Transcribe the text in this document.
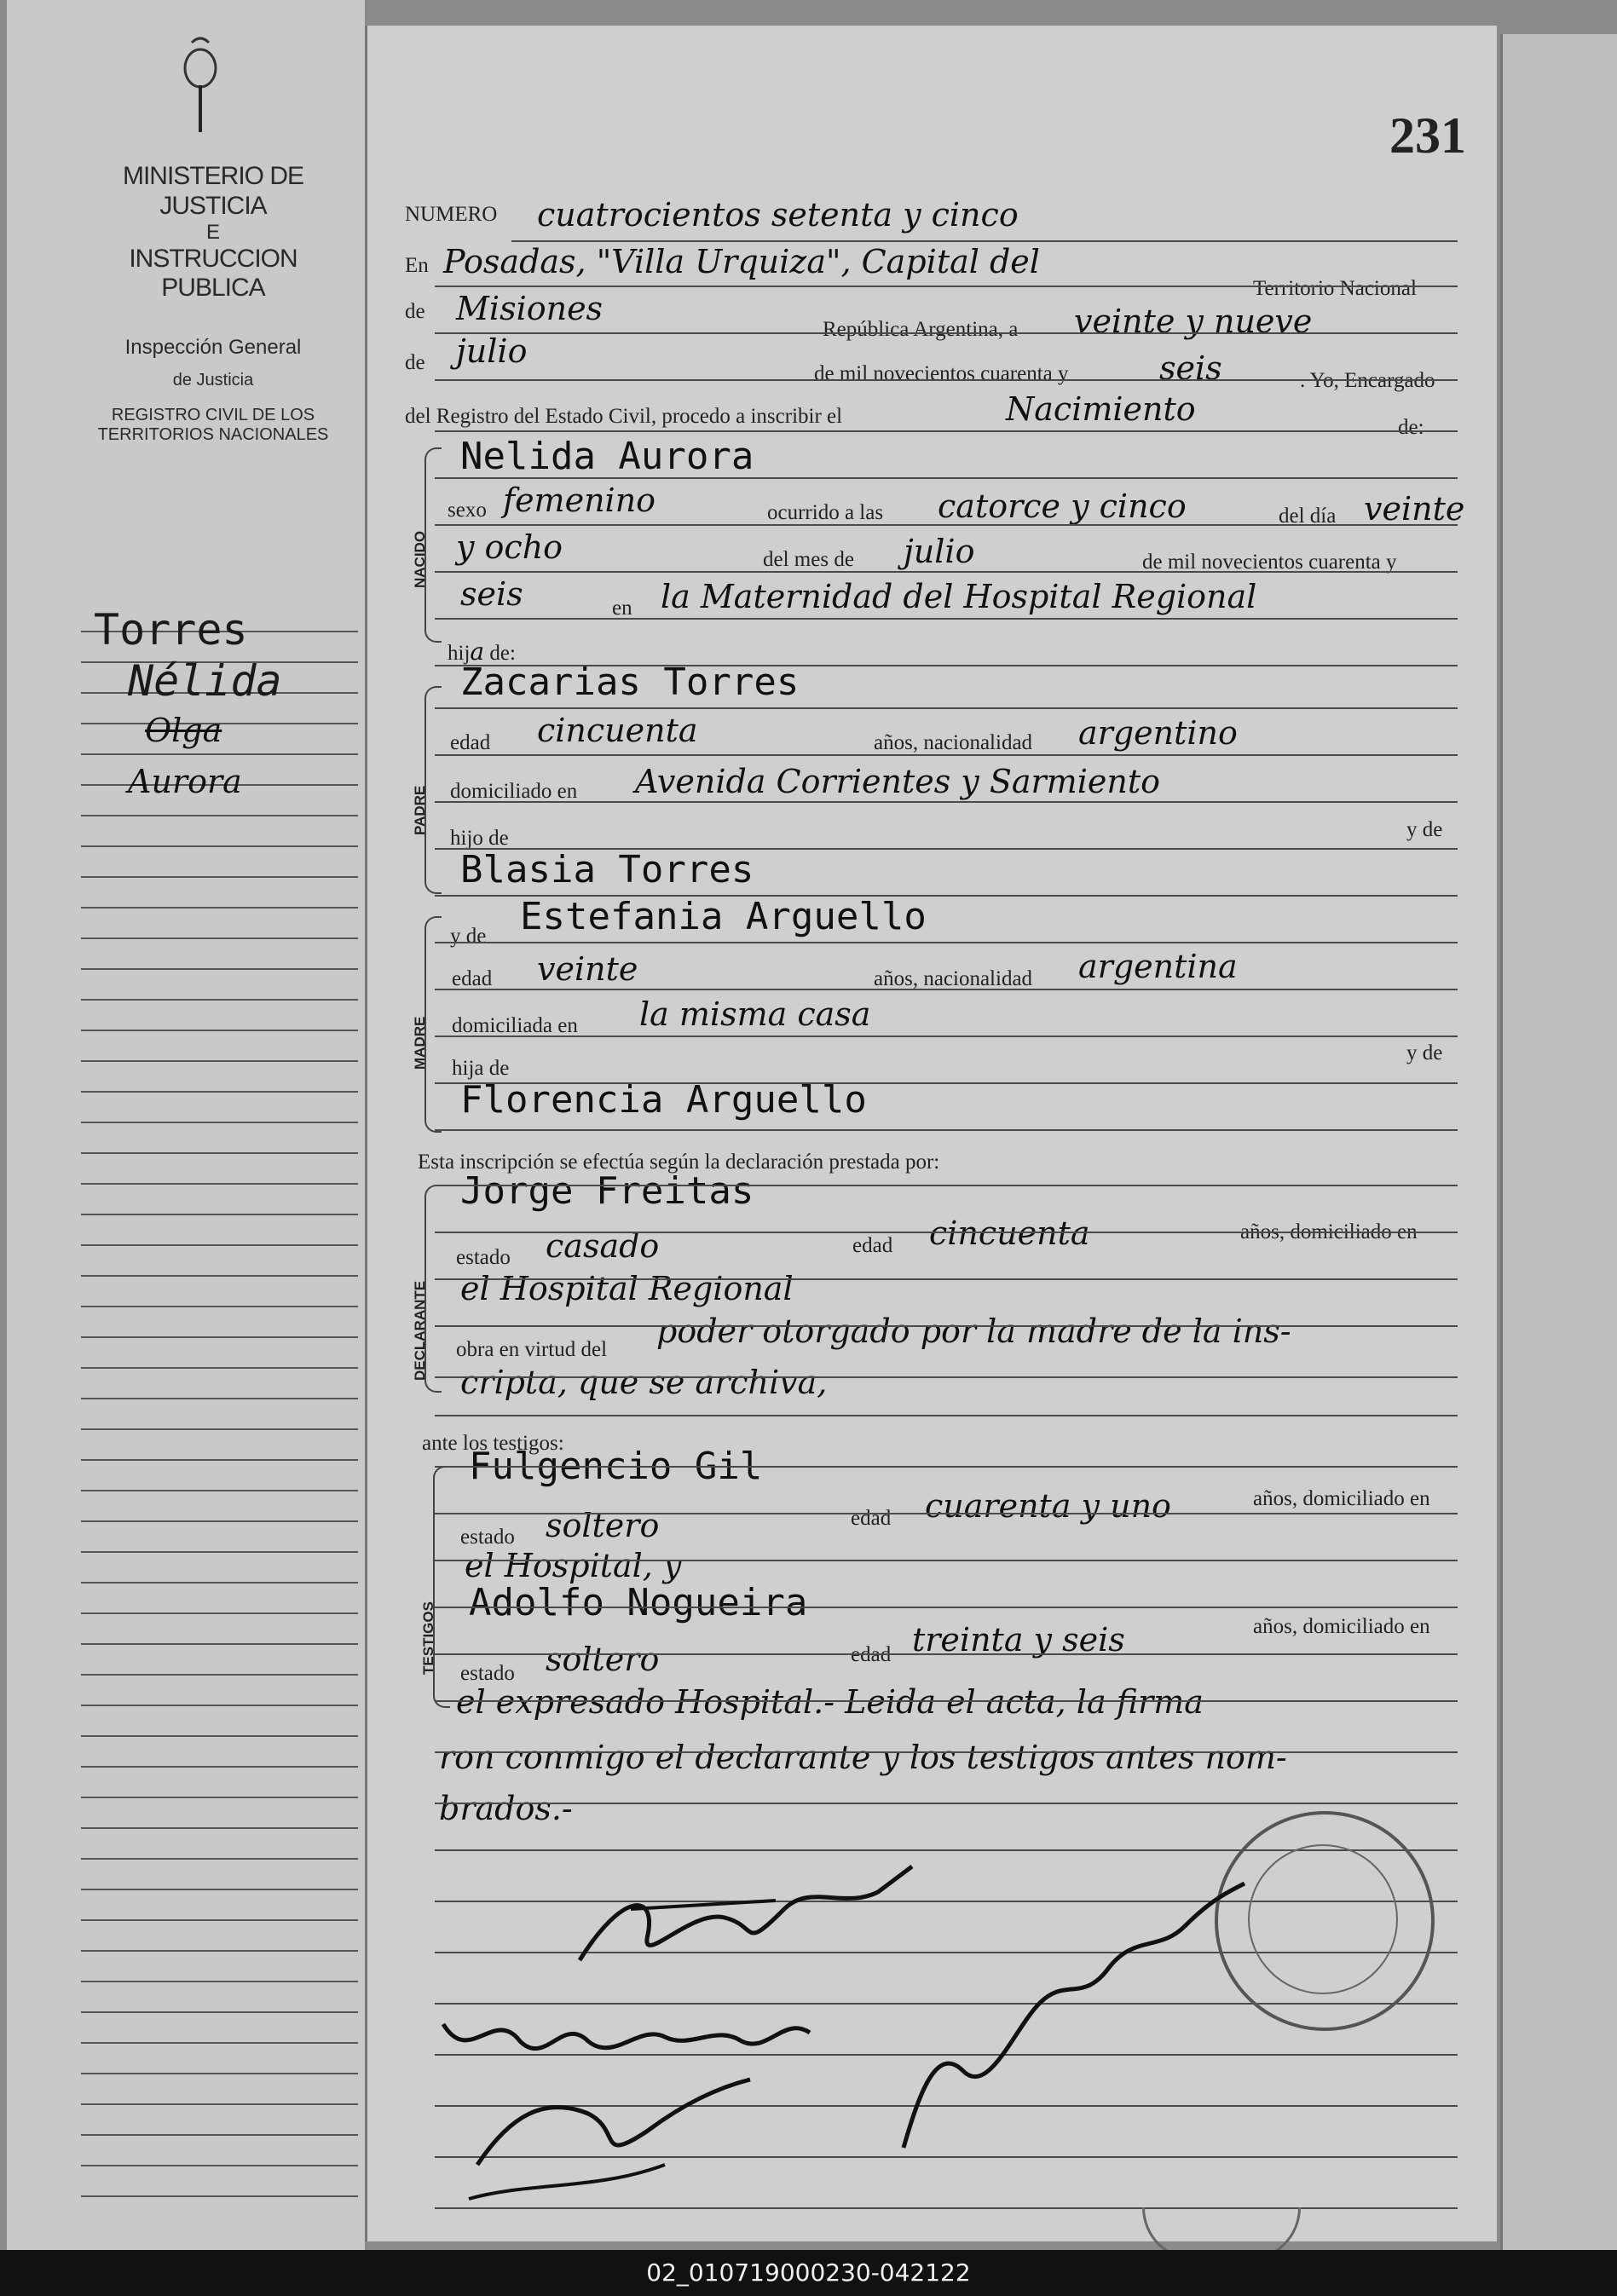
MINISTERIO DE JUSTICIA
E
INSTRUCCION PUBLICA
Inspección General
de Justicia
REGISTRO CIVIL DE LOS
TERRITORIOS NACIONALES
Torres
Nélida
Olga
Aurora
231
NUMERO cuatrocientos setenta y cinco
En Posadas, "Villa Urquiza", Capital del
Territorio Nacional
de Misiones
República Argentina, a veinte y nueve
de julio
de mil novecientos cuarenta y	seis	. Yo, Encargado
del Registro del Estado Civil, procedo a inscribir el	Nacimiento	de:
Nelida Aurora
NACIDO
sexo femenino	ocurrido a las catorce y cinco	del día veinte
y ocho	del mes de julio	de mil novecientos cuarenta y
seis	en la Maternidad del Hospital Regional
hija de:
PADRE
Zacarias Torres
edad cincuenta	años, nacionalidad argentino
domiciliado en Avenida Corrientes y Sarmiento
hijo de	y de
Blasia Torres
MADRE
y de Estefania Arguello
edad veinte	años, nacionalidad argentina
domiciliada en la misma casa
hija de
y de
Florencia Arguello
Esta inscripción se efectúa según la declaración prestada por:
DECLARANTE
Jorge Freitas
estado casado	edad cincuenta	años, domiciliado en
el Hospital Regional
obra en virtud del poder otorgado por la madre de la ins-
cripta, que se archiva,
ante los testigos:
TESTIGOS
Fulgencio Gil
estado soltero	edad cuarenta y uno	años, domiciliado en
el Hospital, y
Adolfo Nogueira
estado soltero	edad treinta y seis	años, domiciliado en
el expresado Hospital.- Leida el acta, la firma
ron conmigo el declarante y los testigos antes nom-
brados.-
02_010719000230-042122
